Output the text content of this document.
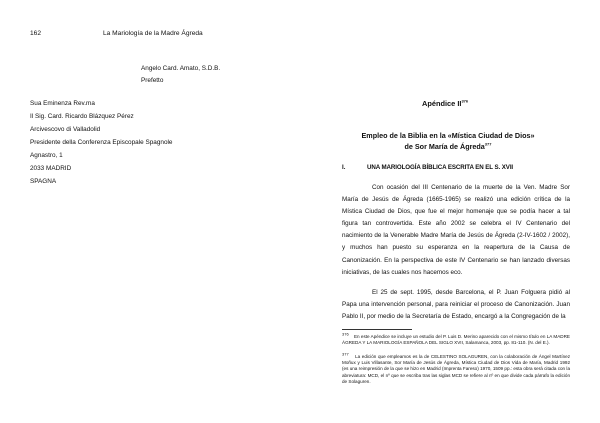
162	La Mariología de la Madre Ágreda
Angelo Card. Amato, S.D.B.
Prefetto
Sua Eminenza Rev.ma
Il Sig. Card. Ricardo Blázquez Pérez
Arcivescovo di Valladolid
Presidente della Conferenza Episcopale Spagnole
Agnastro, 1
2033 MADRID
SPAGNA
Apéndice II$^{376}$
Empleo de la Biblia en la «Mística Ciudad de Dios»
de Sor María de Ágreda$^{377}$
I.	UNA MARIOLOGÍA BÍBLICA ESCRITA EN EL S. XVII
Con ocasión del III Centenario de la muerte de la Ven. Madre Sor María de Jesús de Ágreda (1665-1965) se realizó una edición crítica de la Mística Ciudad de Dios, que fue el mejor homenaje que se podía hacer a tal figura tan controvertida. Este año 2002 se celebra el IV Centenario del nacimiento de la Venerable Madre María de Jesús de Ágreda (2-IV-1602 / 2002), y muchos han puesto su esperanza en la reapertura de la Causa de Canonización. En la perspectiva de este IV Centenario se han lanzado diversas iniciativas, de las cuales nos hacemos eco.
El 25 de sept. 1995, desde Barcelona, el P. Juan Folguera pidió al Papa una intervención personal, para reiniciar el proceso de Canonización. Juan Pablo II, por medio de la Secretaría de Estado, encargó a la Congregación de la
$^{376}$    En este Apéndice se incluye un estudio del P. Luis D. Merino aparecido con el mismo título en LA MADRE ÁGREDA Y LA MARIOLOGÍA ESPAÑOLA DEL SIGLO XVII, Salamanca, 2003, pp. 81-110. (N. del E.).
$^{377}$    La edición que empleamos es la de CELESTINO SOLAGUREN, con la colaboración de Ángel Martínez Moñux y Luis Villasante, Sor María de Jesús de Ágreda, Mística Ciudad de Dios Vida de María, Madrid 1992 (es una reimpresión de la que se hizo en Madrid (Imprenta Fareso) 1970, 1509 pp.: esta obra será citada con la abreviatura: MCD, el nº que se escriba tras las siglas MCD se refiere al nº en que divide cada párrafo la edición de Solaguren.
